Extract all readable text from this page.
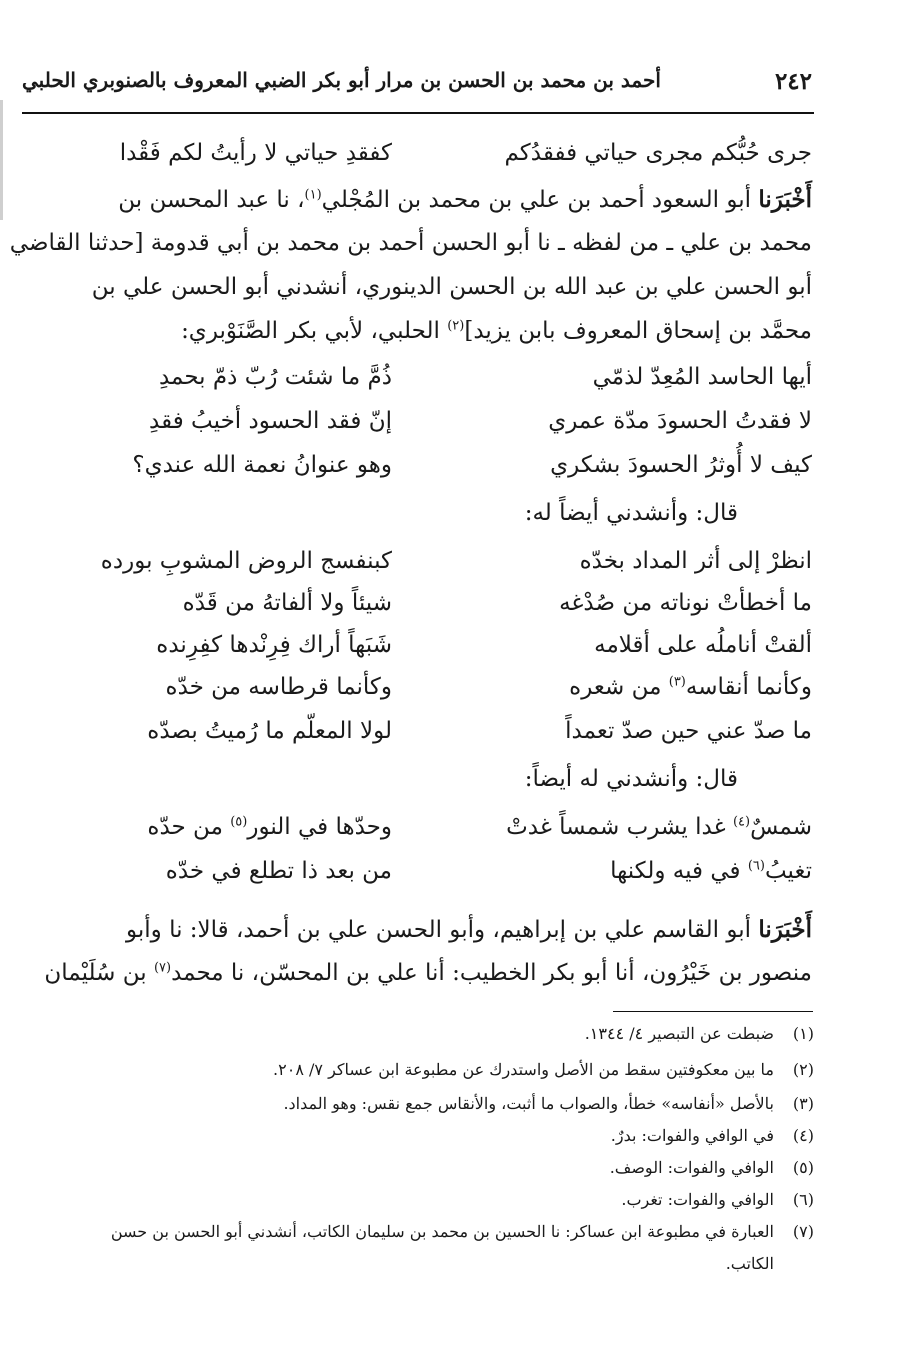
٢٤٢
أحمد بن محمد بن الحسن بن مرار أبو بكر الضبي المعروف بالصنوبري الحلبي
جرى حُبُّكم مجرى حياتي ففقدُكم
كفقدِ حياتي لا رأيتُ لكم فَقْدا
أَخْبَرَنا أبو السعود أحمد بن علي بن محمد بن المُجْلي$^{(١)}$، نا عبد المحسن بن
محمد بن علي ـ من لفظه ـ نا أبو الحسن أحمد بن محمد بن أبي قدومة [حدثنا القاضي
أبو الحسن علي بن عبد الله بن الحسن الدينوري، أنشدني أبو الحسن علي بن
محمَّد بن إسحاق المعروف بابن يزيد]$^{(٢)}$ الحلبي، لأبي بكر الصَّنَوْبري:
أيها الحاسد المُعِدّ لذمّي
ذُمَّ ما شئت رُبّ ذمّ بحمدِ
لا فقدتُ الحسودَ مدّة عمري
إنّ فقد الحسود أخيبُ فقدِ
كيف لا أُوثرُ الحسودَ بشكري
وهو عنوانُ نعمة الله عندي؟
قال: وأنشدني أيضاً له:
انظرْ إلى أثر المداد بخدّه
كبنفسج الروض المشوبِ بورده
ما أخطأتْ نوناته من صُدْغه
شيئاً ولا ألفاتهُ من قَدّه
ألقتْ أناملُه على أقلامه
شَبَهاً أراك فِرِنْدها كفِرِنده
وكأنما أنقاسه$^{(٣)}$ من شعره
وكأنما قرطاسه من خدّه
ما صدّ عني حين صدّ تعمداً
لولا المعلّم ما رُميتُ بصدّه
قال: وأنشدني له أيضاً:
شمسٌ$^{(٤)}$ غدا يشرب شمساً غدتْ
وحدّها في النور$^{(٥)}$ من حدّه
تغيبُ$^{(٦)}$ في فيه ولكنها
من بعد ذا تطلع في خدّه
أَخْبَرَنا أبو القاسم علي بن إبراهيم، وأبو الحسن علي بن أحمد، قالا: نا وأبو
منصور بن خَيْرُون، أنا أبو بكر الخطيب: أنا علي بن المحسّن، نا محمد$^{(٧)}$ بن سُلَيْمان
(١)ضبطت عن التبصير ٤/ ١٣٤٤.
(٢)ما بين معكوفتين سقط من الأصل واستدرك عن مطبوعة ابن عساكر ٧/ ٢٠٨.
(٣)بالأصل «أنفاسه» خطأ، والصواب ما أثبت، والأنقاس جمع نقس: وهو المداد.
(٤)في الوافي والفوات: بدرٌ.
(٥)الوافي والفوات: الوصف.
(٦)الوافي والفوات: تغرب.
(٧)العبارة في مطبوعة ابن عساكر: نا الحسين بن محمد بن سليمان الكاتب، أنشدني أبو الحسن بن حسن
الكاتب.
